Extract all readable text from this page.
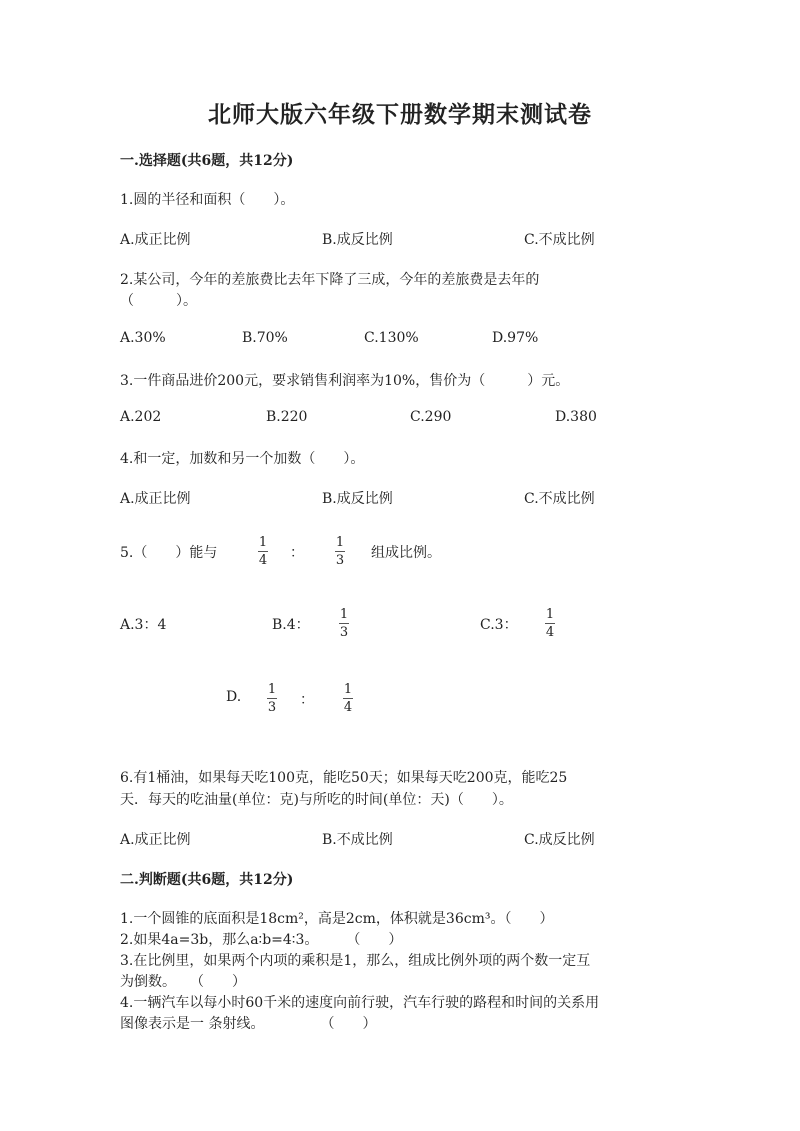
北师大版六年级下册数学期末测试卷
一.选择题(共6题，共12分)
1.圆的半径和面积（　　）。
A.成正比例	B.成反比例	C.不成比例
2.某公司，今年的差旅费比去年下降了三成，今年的差旅费是去年的
（　　　）。
A.30%	B.70%	C.130%	D.97%
3.一件商品进价200元，要求销售利润率为10%，售价为（　　　）元。
A.202	B.220	C.290	D.380
4.和一定，加数和另一个加数（　　）。
A.成正比例	B.成反比例	C.不成比例
5.（　　）能与
1
4 ：
1
3 组成比例。
A.3：4	B.4：
1
3	C.3：
1
4
D. 1
3 ：
1
4
6.有1桶油，如果每天吃100克，能吃50天；如果每天吃200克，能吃25
天．每天的吃油量(单位：克)与所吃的时间(单位：天)（　　）。
A.成正比例	B.不成比例	C.成反比例
二.判断题(共6题，共12分)
1.一个圆锥的底面积是18cm²，高是2cm，体积就是36cm³。（　　）
2.如果4a=3b，那么a∶b=4∶3。　　　（　　）
3.在比例里，如果两个内项的乘积是1，那么，组成比例外项的两个数一定互
为倒数。　　（　　）
4.一辆汽车以每小时60千米的速度向前行驶，汽车行驶的路程和时间的关系用
图像表示是一 条射线。　　　　　（　　）
